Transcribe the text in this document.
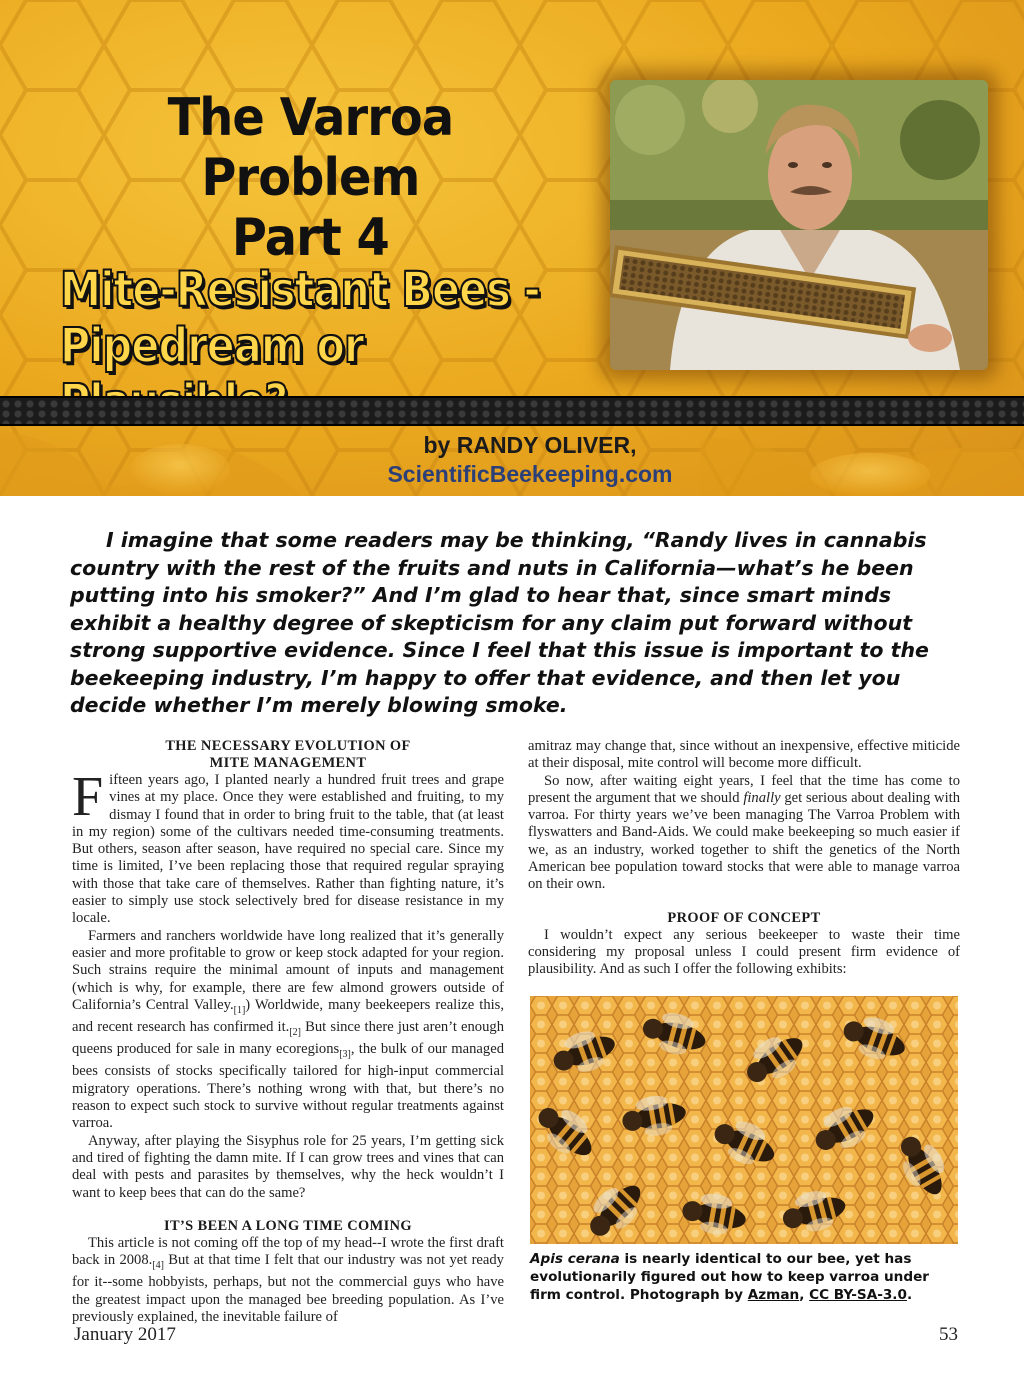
The Varroa Problem
Part 4
Mite-Resistant Bees -
Pipedream or
by RANDY OLIVER,
ScientificBeekeeping.com
I imagine that some readers may be thinking, “Randy lives in cannabis country with the rest of the fruits and nuts in California—what’s he been putting into his smoker?” And I’m glad to hear that, since smart minds exhibit a healthy degree of skepticism for any claim put forward without strong supportive evidence. Since I feel that this issue is important to the beekeeping industry, I’m happy to offer that evidence, and then let you decide whether I’m merely blowing smoke.
THE NECESSARY EVOLUTION OF
MITE MANAGEMENT

Fifteen years ago, I planted nearly a hundred fruit trees and grape vines at my place. Once they were established and fruiting, to my dismay I found that in order to bring fruit to the table, that (at least in my region) some of the cultivars needed time-consuming treatments. But others, season after season, have required no special care. Since my time is limited, I’ve been replacing those that required regular spraying with those that take care of themselves. Rather than fighting nature, it’s easier to simply use stock selectively bred for disease resistance in my locale.

Farmers and ranchers worldwide have long realized that it’s generally easier and more profitable to grow or keep stock adapted for your region. Such strains require the minimal amount of inputs and management (which is why, for example, there are few almond growers outside of California’s Central $Valley._{[1]}$) Worldwide, many beekeepers realize this, and recent research has confirmed $it._{[2]}$ But since there just aren’t enough queens produced for sale in many ecoregions$_{[3]}$, the bulk of our managed bees consists of stocks specifically tailored for high-input commercial migratory operations. There’s nothing wrong with that, but there’s no reason to expect such stock to survive without regular treatments against varroa.

Anyway, after playing the Sisyphus role for 25 years, I’m getting sick and tired of fighting the damn mite. If I can grow trees and vines that can deal with pests and parasites by themselves, why the heck wouldn’t I want to keep bees that can do the same?

IT’S BEEN A LONG TIME COMING

This article is not coming off the top of my head--I wrote the first draft back in $2008._{[4]}$ But at that time I felt that our industry was not yet ready for it--some hobbyists, perhaps, but not the commercial guys who have the greatest impact upon the managed bee breeding population. As I’ve previously explained, the inevitable failure of

amitraz may change that, since without an inexpensive, effective miticide at their disposal, mite control will become more difficult.

So now, after waiting eight years, I feel that the time has come to present the argument that we should finally get serious about dealing with varroa. For thirty years we’ve been managing The Varroa Problem with flyswatters and Band-Aids. We could make beekeeping so much easier if we, as an industry, worked together to shift the genetics of the North American bee population toward stocks that were able to manage varroa on their own.

PROOF OF CONCEPT

I wouldn’t expect any serious beekeeper to waste their time considering my proposal unless I could present firm evidence of plausibility. And as such I offer the following exhibits:

Apis cerana is nearly identical to our bee, yet has evolutionarily figured out how to keep varroa under firm control. Photograph by Azman, CC BY-SA-3.0.
January 2017	53
